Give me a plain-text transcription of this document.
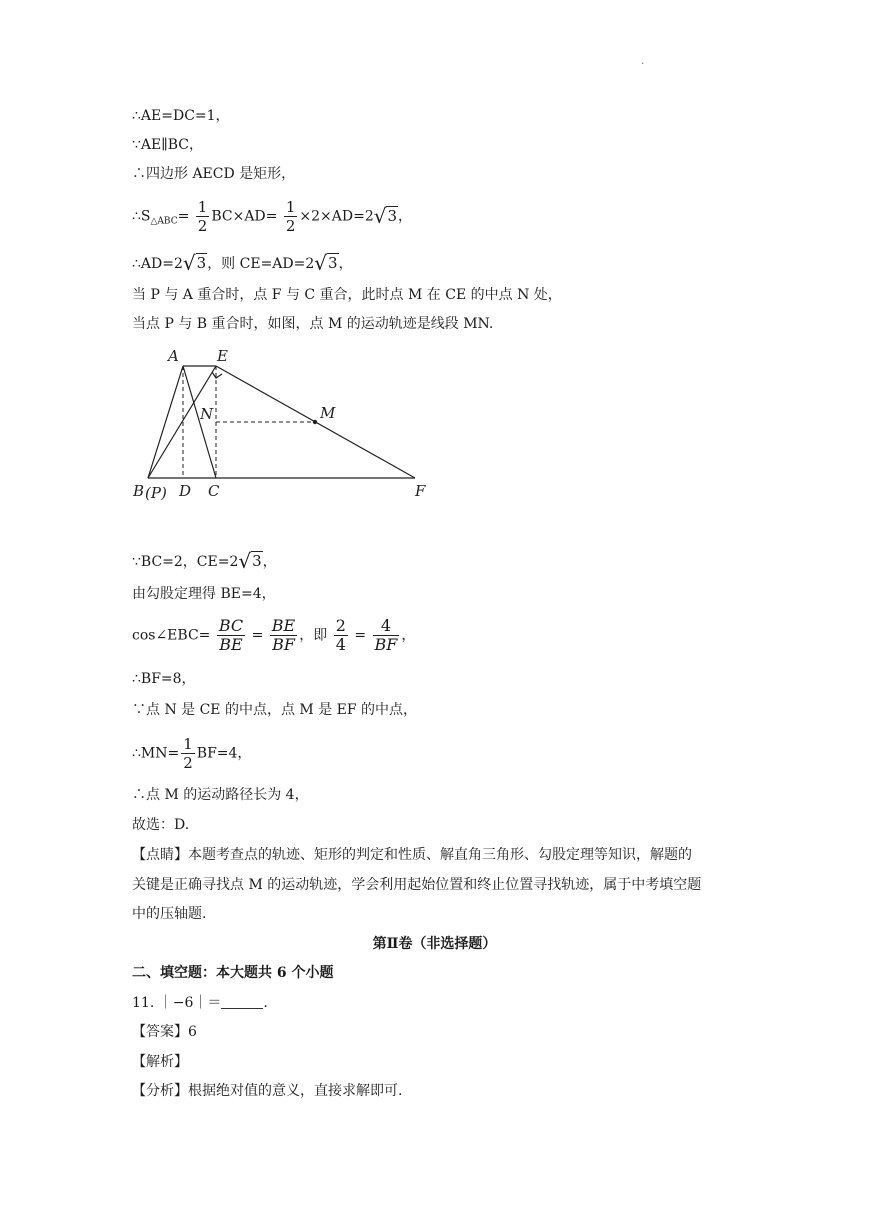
.
∴AE=DC=1，
∵AE∥BC，
∴四边形 AECD 是矩形，
$\therefore S_{\triangle ABC}= \frac{1}{2} BC\times AD= \frac{1}{2} \times 2\times AD=2√3$，
∴AD=2√3，则 CE=AD=2√3，
当 P 与 A 重合时，点 F 与 C 重合，此时点 M 在 CE 的中点 N 处，
当点 P 与 B 重合时，如图，点 M 的运动轨迹是线段 MN.
A	E
N	M
B (P) D C	F
∵BC=2，CE=2√3，
由勾股定理得 BE=4，
cos∠EBC= $\frac{BC}{BE} = \frac{BE}{BF}$ ，即 $\frac{2}{4} = \frac{4}{BF}$ ，
∴BF=8，
∵点 N 是 CE 的中点，点 M 是 EF 的中点，
∴MN= $\frac{1}{2} BF=4$，
∴点 M 的运动路径长为 4，
故选：D.
【点睛】本题考查点的轨迹、矩形的判定和性质、解直角三角形、勾股定理等知识，解题的
关键是正确寻找点 M 的运动轨迹，学会利用起始位置和终止位置寻找轨迹，属于中考填空题
中的压轴题.
第Ⅱ卷（非选择题）
二、填空题：本大题共 6 个小题
11. ｜−6｜＝	.
【答案】6
【解析】
【分析】根据绝对值的意义，直接求解即可.
